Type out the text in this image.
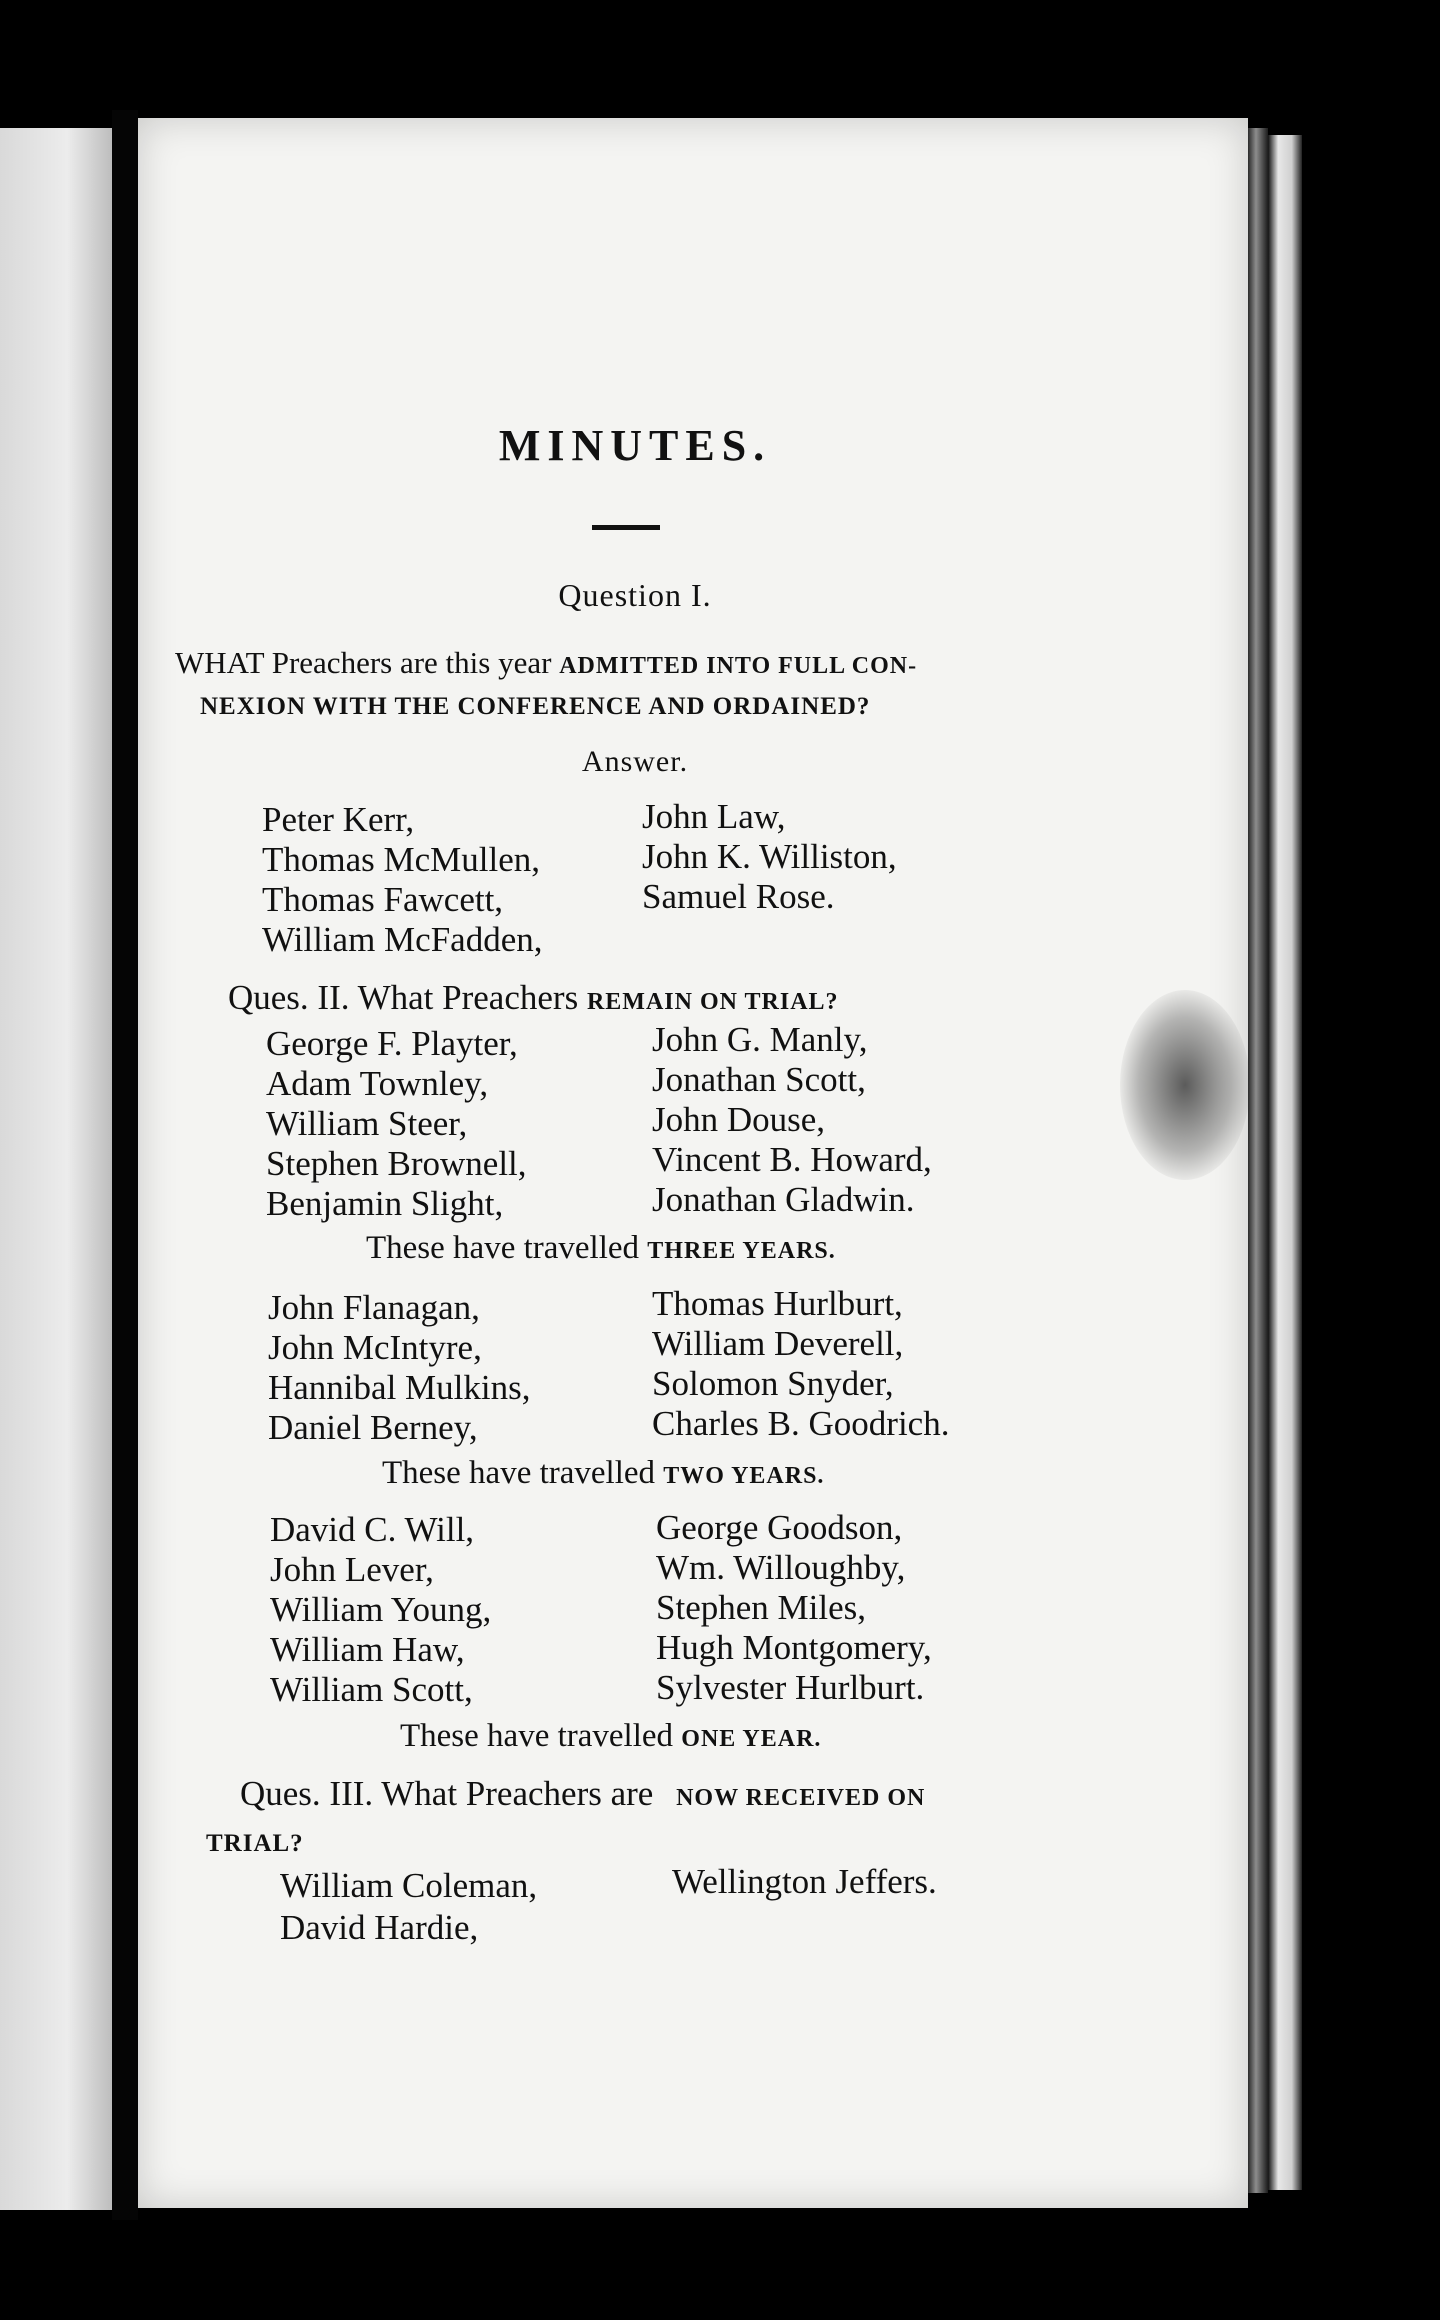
MINUTES.
Question I.
WHAT Preachers are this year ADMITTED INTO FULL CON-
NEXION WITH THE CONFERENCE AND ORDAINED?
Answer.
Peter Kerr,
Thomas McMullen,
Thomas Fawcett,
William McFadden,
John Law,
John K. Williston,
Samuel Rose.
Ques. II. What Preachers REMAIN ON TRIAL?
George F. Playter,
Adam Townley,
William Steer,
Stephen Brownell,
Benjamin Slight,
John G. Manly,
Jonathan Scott,
John Douse,
Vincent B. Howard,
Jonathan Gladwin.
These have travelled THREE YEARS.
John Flanagan,
John McIntyre,
Hannibal Mulkins,
Daniel Berney,
Thomas Hurlburt,
William Deverell,
Solomon Snyder,
Charles B. Goodrich.
These have travelled TWO YEARS.
David C. Will,
John Lever,
William Young,
William Haw,
William Scott,
George Goodson,
Wm. Willoughby,
Stephen Miles,
Hugh Montgomery,
Sylvester Hurlburt.
These have travelled ONE YEAR.
Ques. III. What Preachers are NOW RECEIVED ON
TRIAL?
William Coleman,
David Hardie,
Wellington Jeffers.
